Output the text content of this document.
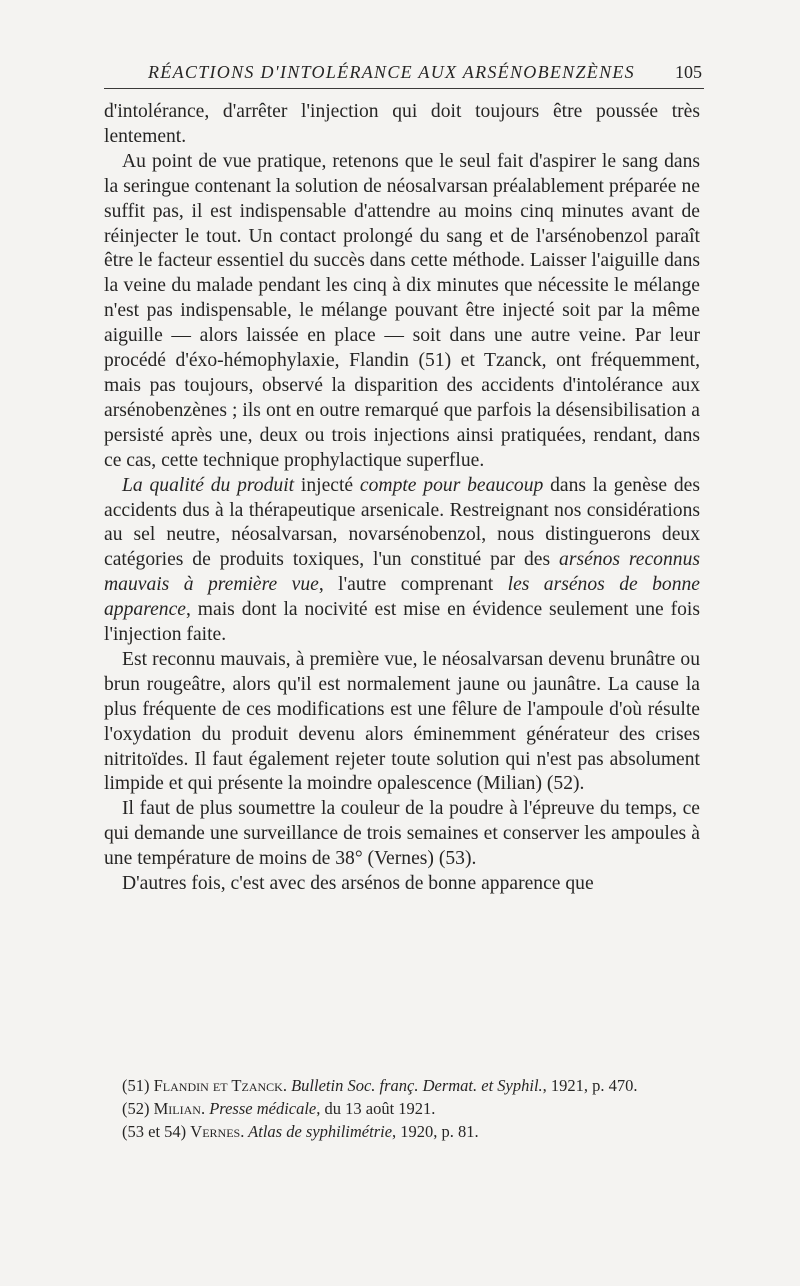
RÉACTIONS D'INTOLÉRANCE AUX ARSÉNOBENZÈNES 105

d'intolérance, d'arrêter l'injection qui doit toujours être poussée très lentement.

Au point de vue pratique, retenons que le seul fait d'aspirer le sang dans la seringue contenant la solution de néosalvarsan préalablement préparée ne suffit pas, il est indispensable d'attendre au moins cinq minutes avant de réinjecter le tout. Un contact prolongé du sang et de l'arsénobenzol paraît être le facteur essentiel du succès dans cette méthode. Laisser l'aiguille dans la veine du malade pendant les cinq à dix minutes que nécessite le mélange n'est pas indispensable, le mélange pouvant être injecté soit par la même aiguille — alors laissée en place — soit dans une autre veine. Par leur procédé d'éxo-hémophylaxie, Flandin (51) et Tzanck, ont fréquemment, mais pas toujours, observé la disparition des accidents d'intolérance aux arsénobenzènes ; ils ont en outre remarqué que parfois la désensibilisation a persisté après une, deux ou trois injections ainsi pratiquées, rendant, dans ce cas, cette technique prophylactique superflue.

La qualité du produit injecté compte pour beaucoup dans la genèse des accidents dus à la thérapeutique arsenicale. Restreignant nos considérations au sel neutre, néosalvarsan, novarsénobenzol, nous distinguerons deux catégories de produits toxiques, l'un constitué par des arsénos reconnus mauvais à première vue, l'autre comprenant les arsénos de bonne apparence, mais dont la nocivité est mise en évidence seulement une fois l'injection faite.

Est reconnu mauvais, à première vue, le néosalvarsan devenu brunâtre ou brun rougeâtre, alors qu'il est normalement jaune ou jaunâtre. La cause la plus fréquente de ces modifications est une fêlure de l'ampoule d'où résulte l'oxydation du produit devenu alors éminemment générateur des crises nitritoïdes. Il faut également rejeter toute solution qui n'est pas absolument limpide et qui présente la moindre opalescence (Milian) (52).

Il faut de plus soumettre la couleur de la poudre à l'épreuve du temps, ce qui demande une surveillance de trois semaines et conserver les ampoules à une température de moins de 38° (Vernes) (53).

D'autres fois, c'est avec des arsénos de bonne apparence que

(51) Flandin et Tzanck. Bulletin Soc. franç. Dermat. et Syphil., 1921, p. 470.

(52) Milian. Presse médicale, du 13 août 1921.

(53 et 54) Vernes. Atlas de syphilimétrie, 1920, p. 81.
